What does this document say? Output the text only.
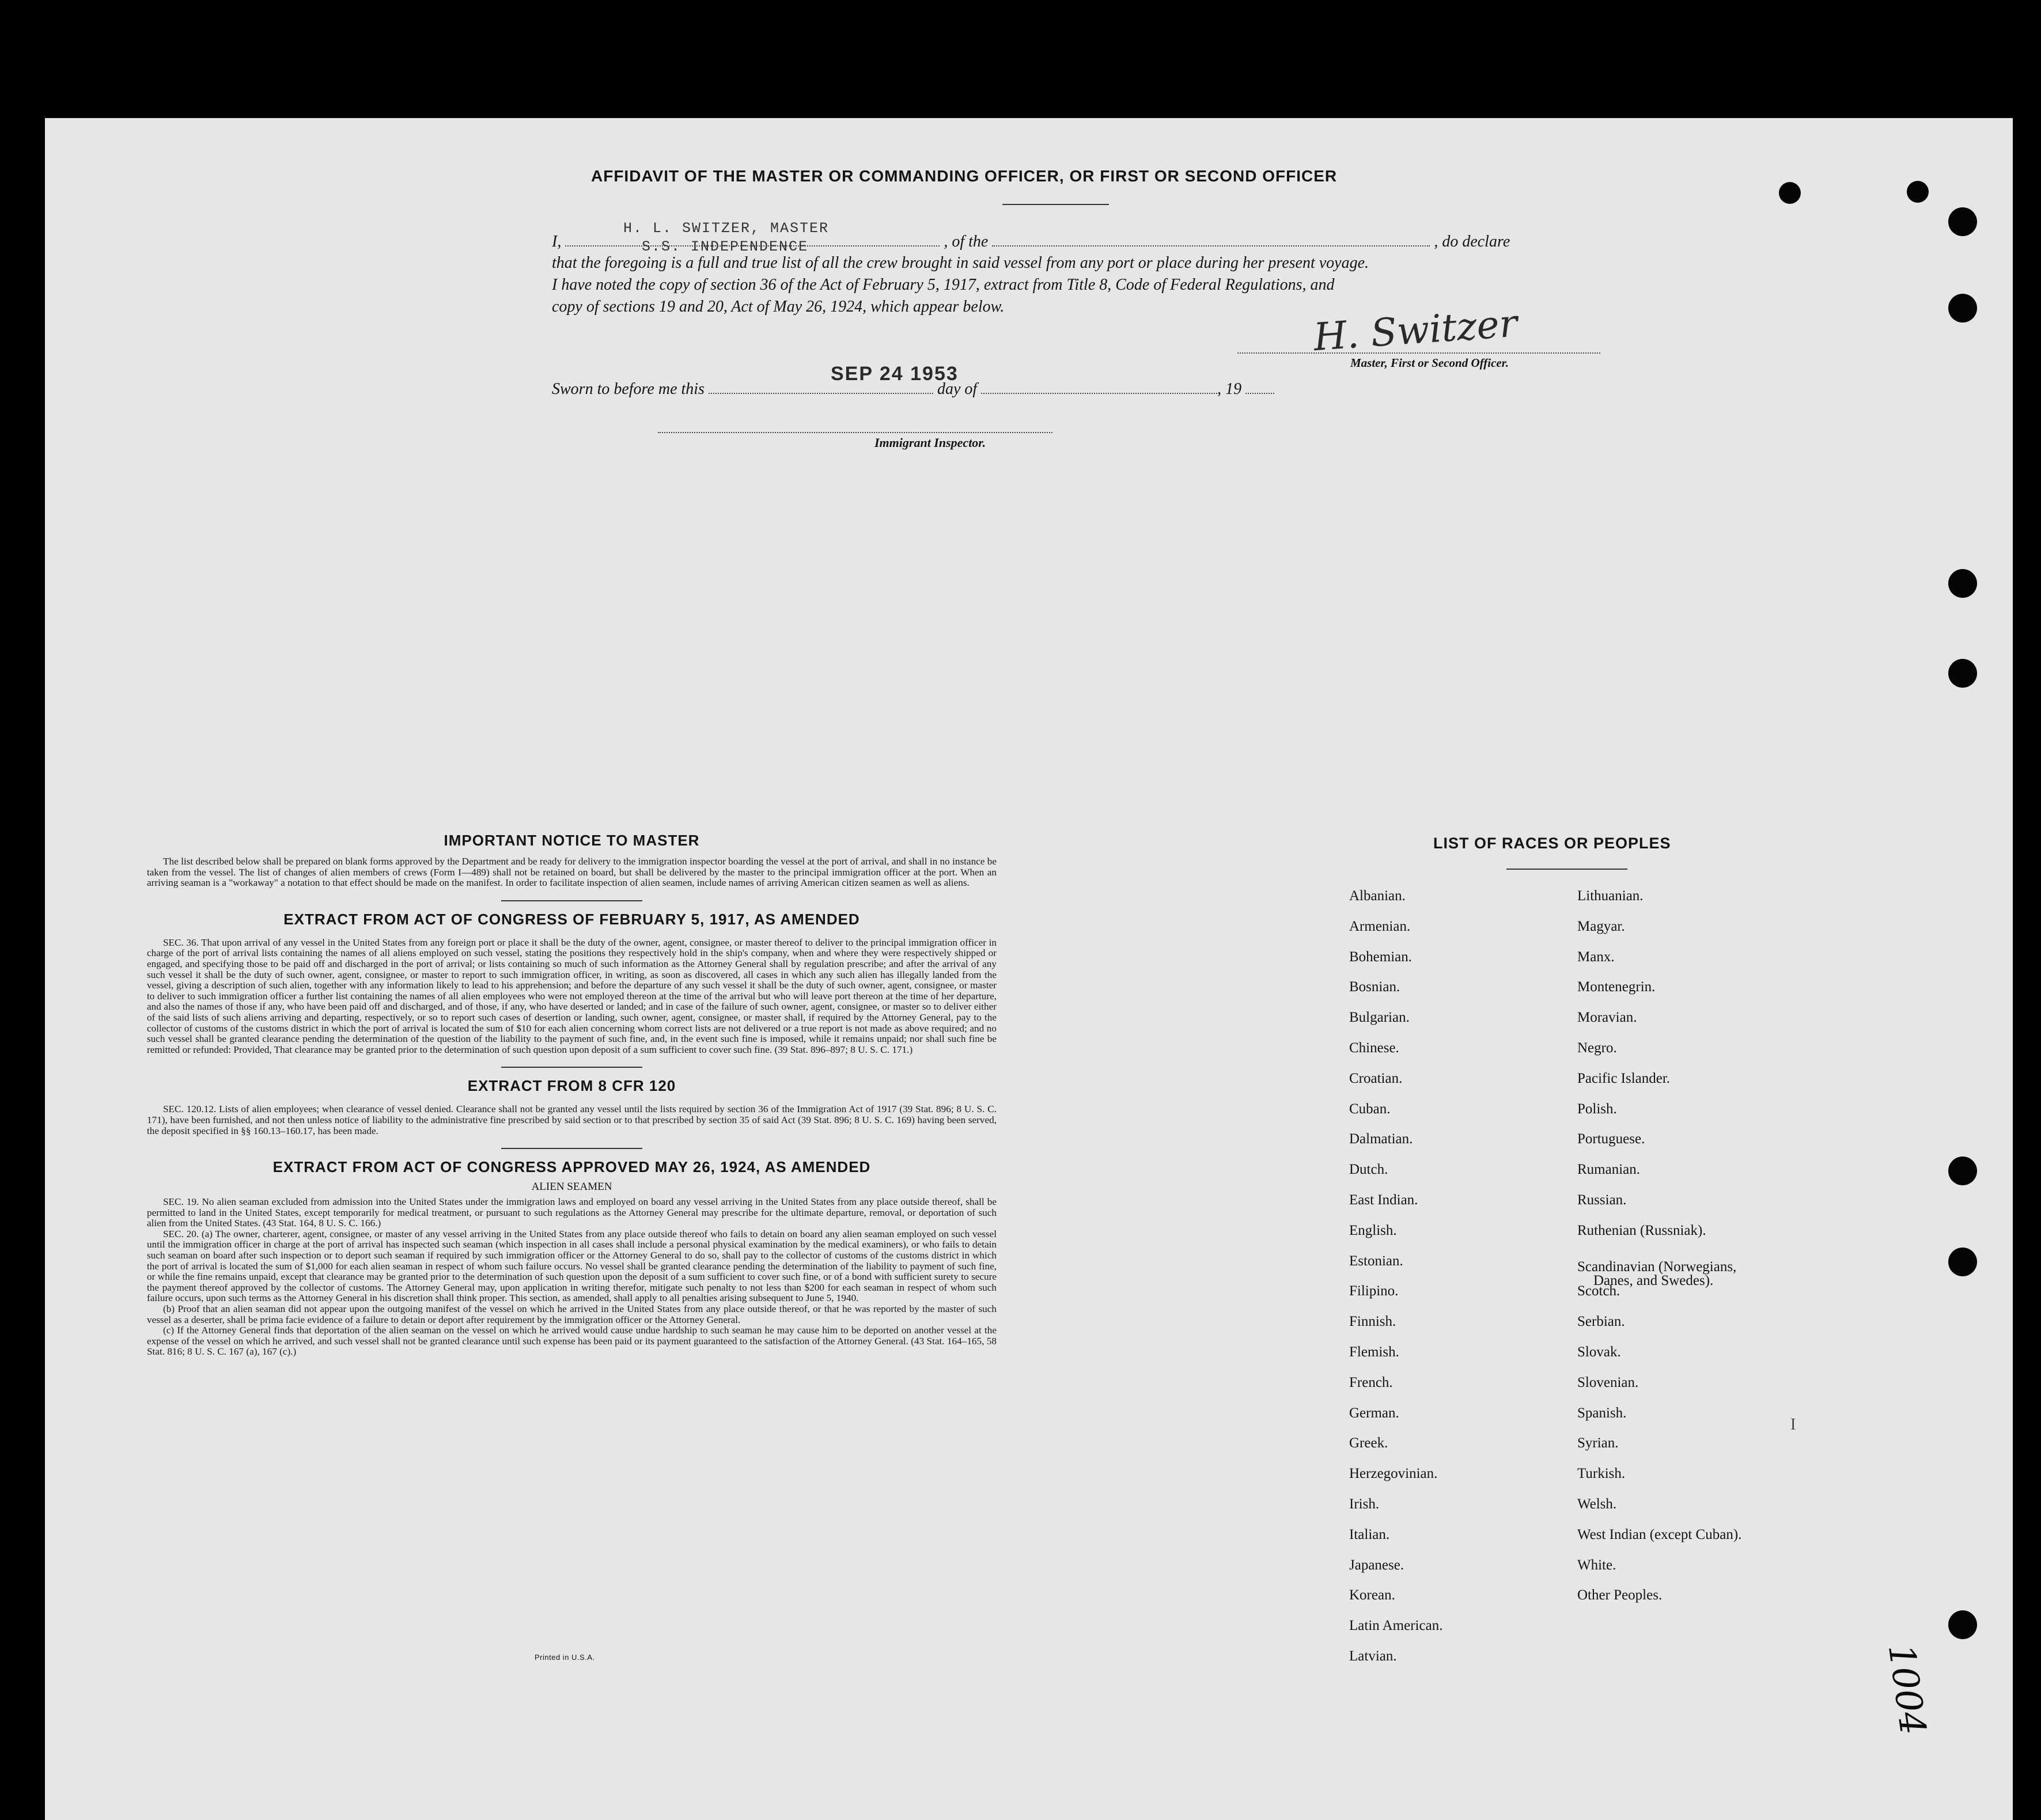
AFFIDAVIT OF THE MASTER OR COMMANDING OFFICER, OR FIRST OR SECOND OFFICER
I,	, of the	, do declare
H. L. SWITZER, MASTER
S.S. INDEPENDENCE
that the foregoing is a full and true list of all the crew brought in said vessel from any port or place during her present voyage.
I have noted the copy of section 36 of the Act of February 5, 1917, extract from Title 8, Code of Federal Regulations, and
copy of sections 19 and 20, Act of May 26, 1924, which appear below.	H. Switzer
Master, First or Second Officer.
Sworn to before me this	day of	, 19
SEP 24 1953
Immigrant Inspector.
IMPORTANT NOTICE TO MASTER

The list described below shall be prepared on blank forms approved by the Department and be ready for delivery to the immigration inspector boarding the vessel at the port of arrival, and shall in no instance be taken from the vessel. The list of changes of alien members of crews (Form I—489) shall not be retained on board, but shall be delivered by the master to the principal immigration officer at the port. When an arriving seaman is a "workaway" a notation to that effect should be made on the manifest. In order to facilitate inspection of alien seamen, include names of arriving American citizen seamen as well as aliens.

EXTRACT FROM ACT OF CONGRESS OF FEBRUARY 5, 1917, AS AMENDED

SEC. 36. That upon arrival of any vessel in the United States from any foreign port or place it shall be the duty of the owner, agent, consignee, or master thereof to deliver to the principal immigration officer in charge of the port of arrival lists containing the names of all aliens employed on such vessel, stating the positions they respectively hold in the ship's company, when and where they were respectively shipped or engaged, and specifying those to be paid off and discharged in the port of arrival; or lists containing so much of such information as the Attorney General shall by regulation prescribe; and after the arrival of any such vessel it shall be the duty of such owner, agent, consignee, or master to report to such immigration officer, in writing, as soon as discovered, all cases in which any such alien has illegally landed from the vessel, giving a description of such alien, together with any information likely to lead to his apprehension; and before the departure of any such vessel it shall be the duty of such owner, agent, consignee, or master to deliver to such immigration officer a further list containing the names of all alien employees who were not employed thereon at the time of the arrival but who will leave port thereon at the time of her departure, and also the names of those if any, who have been paid off and discharged, and of those, if any, who have deserted or landed; and in case of the failure of such owner, agent, consignee, or master so to deliver either of the said lists of such aliens arriving and departing, respectively, or so to report such cases of desertion or landing, such owner, agent, consignee, or master shall, if required by the Attorney General, pay to the collector of customs of the customs district in which the port of arrival is located the sum of $10 for each alien concerning whom correct lists are not delivered or a true report is not made as above required; and no such vessel shall be granted clearance pending the determination of the question of the liability to the payment of such fine, and, in the event such fine is imposed, while it remains unpaid; nor shall such fine be remitted or refunded: Provided, That clearance may be granted prior to the determination of such question upon deposit of a sum sufficient to cover such fine. (39 Stat. 896–897; 8 U. S. C. 171.)

EXTRACT FROM 8 CFR 120

SEC. 120.12. Lists of alien employees; when clearance of vessel denied. Clearance shall not be granted any vessel until the lists required by section 36 of the Immigration Act of 1917 (39 Stat. 896; 8 U. S. C. 171), have been furnished, and not then unless notice of liability to the administrative fine prescribed by said section or to that prescribed by section 35 of said Act (39 Stat. 896; 8 U. S. C. 169) having been served, the deposit specified in §§ 160.13–160.17, has been made.

EXTRACT FROM ACT OF CONGRESS APPROVED MAY 26, 1924, AS AMENDED
ALIEN SEAMEN

SEC. 19. No alien seaman excluded from admission into the United States under the immigration laws and employed on board any vessel arriving in the United States from any place outside thereof, shall be permitted to land in the United States, except temporarily for medical treatment, or pursuant to such regulations as the Attorney General may prescribe for the ultimate departure, removal, or deportation of such alien from the United States. (43 Stat. 164, 8 U. S. C. 166.)

SEC. 20. (a) The owner, charterer, agent, consignee, or master of any vessel arriving in the United States from any place outside thereof who fails to detain on board any alien seaman employed on such vessel until the immigration officer in charge at the port of arrival has inspected such seaman (which inspection in all cases shall include a personal physical examination by the medical examiners), or who fails to detain such seaman on board after such inspection or to deport such seaman if required by such immigration officer or the Attorney General to do so, shall pay to the collector of customs of the customs district in which the port of arrival is located the sum of $1,000 for each alien seaman in respect of whom such failure occurs. No vessel shall be granted clearance pending the determination of the liability to payment of such fine, or while the fine remains unpaid, except that clearance may be granted prior to the determination of such question upon the deposit of a sum sufficient to cover such fine, or of a bond with sufficient surety to secure the payment thereof approved by the collector of customs. The Attorney General may, upon application in writing therefor, mitigate such penalty to not less than $200 for each seaman in respect of whom such failure occurs, upon such terms as the Attorney General in his discretion shall think proper. This section, as amended, shall apply to all penalties arising subsequent to June 5, 1940.

(b) Proof that an alien seaman did not appear upon the outgoing manifest of the vessel on which he arrived in the United States from any place outside thereof, or that he was reported by the master of such vessel as a deserter, shall be prima facie evidence of a failure to detain or deport after requirement by the immigration officer or the Attorney General.

(c) If the Attorney General finds that deportation of the alien seaman on the vessel on which he arrived would cause undue hardship to such seaman he may cause him to be deported on another vessel at the expense of the vessel on which he arrived, and such vessel shall not be granted clearance until such expense has been paid or its payment guaranteed to the satisfaction of the Attorney General. (43 Stat. 164–165, 58 Stat. 816; 8 U. S. C. 167 (a), 167 (c).)

Printed in U.S.A.
LIST OF RACES OR PEOPLES
Albanian.
Armenian.
Bohemian.
Bosnian.
Bulgarian.
Chinese.
Croatian.
Cuban.
Dalmatian.
Dutch.
East Indian.
English.
Estonian.
Filipino.
Finnish.
Flemish.
French.
German.
Greek.
Herzegovinian.
Irish.
Italian.
Japanese.
Korean.
Latin American.
Latvian.
Lithuanian.
Magyar.
Manx.
Montenegrin.
Moravian.
Negro.
Pacific Islander.
Polish.
Portuguese.
Rumanian.
Russian.
Ruthenian (Russniak).
Scandinavian (Norwegians,
Danes, and Swedes).
Scotch.
Serbian.
Slovak.
Slovenian.
Spanish.
Syrian.
Turkish.
Welsh.
West Indian (except Cuban).
White.
Other Peoples.
1004
I
